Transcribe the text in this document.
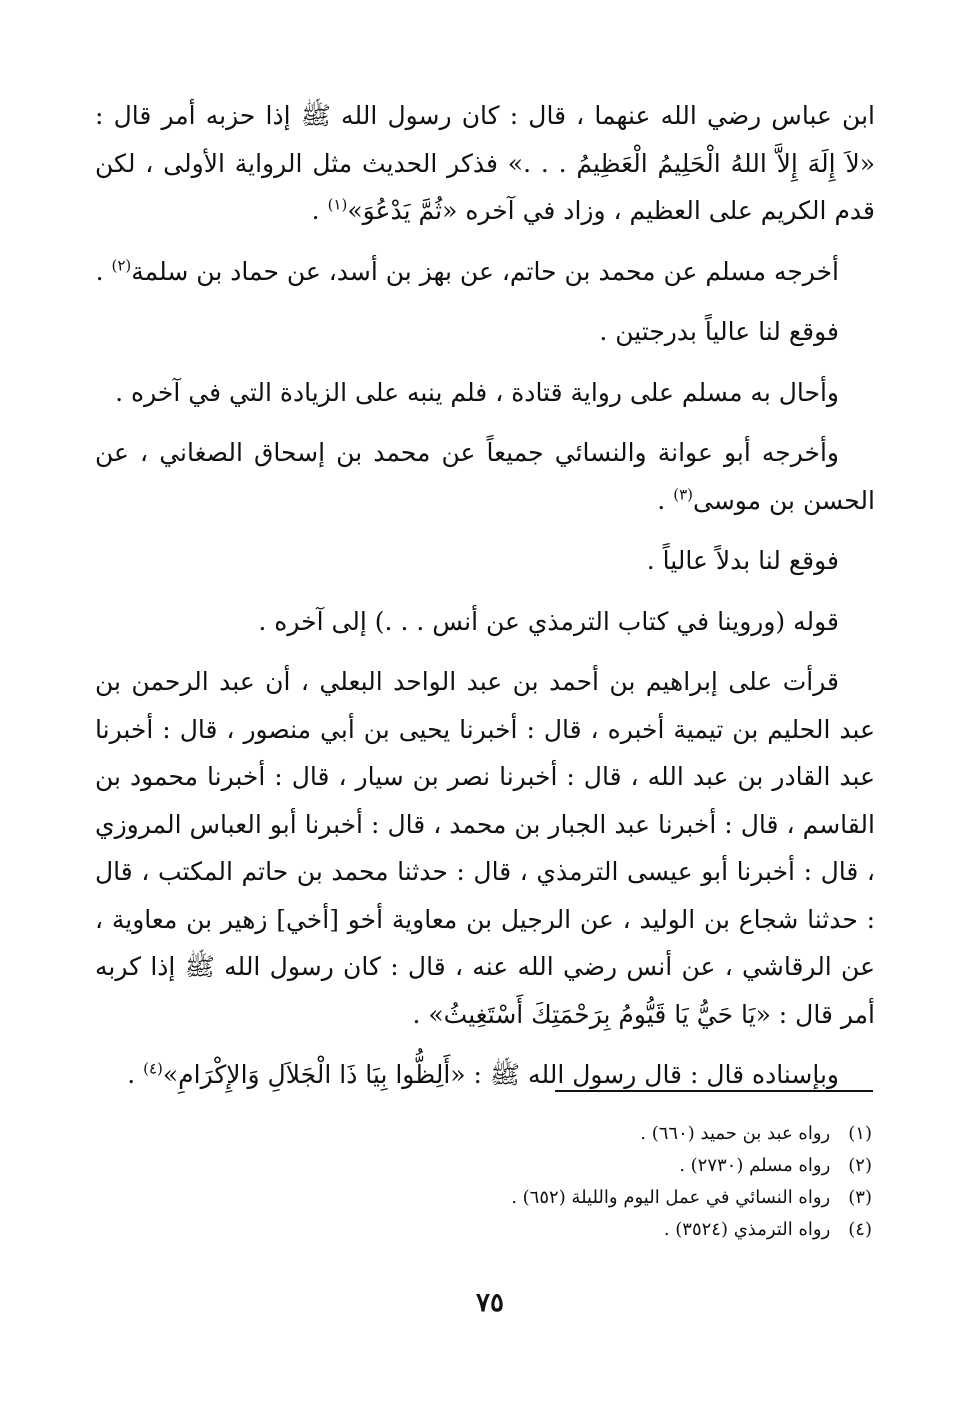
ابن عباس رضي الله عنهما ، قال : كان رسول الله ﷺ إذا حزبه أمر قال : «لاَ إِلَهَ إِلاَّ اللهُ الْحَلِيمُ الْعَظِيمُ . . .» فذكر الحديث مثل الرواية الأولى ، لكن قدم الكريم على العظيم ، وزاد في آخره «ثُمَّ يَدْعُوَ»$^{(١)}$ .

أخرجه مسلم عن محمد بن حاتم، عن بهز بن أسد، عن حماد بن سلمة$^{(٢)}$ .

فوقع لنا عالياً بدرجتين .

وأحال به مسلم على رواية قتادة ، فلم ينبه على الزيادة التي في آخره .

وأخرجه أبو عوانة والنسائي جميعاً عن محمد بن إسحاق الصغاني ، عن الحسن بن موسى$^{(٣)}$ .

فوقع لنا بدلاً عالياً .

قوله (وروينا في كتاب الترمذي عن أنس . . .) إلى آخره .

قرأت على إبراهيم بن أحمد بن عبد الواحد البعلي ، أن عبد الرحمن بن عبد الحليم بن تيمية أخبره ، قال : أخبرنا يحيى بن أبي منصور ، قال : أخبرنا عبد القادر بن عبد الله ، قال : أخبرنا نصر بن سيار ، قال : أخبرنا محمود بن القاسم ، قال : أخبرنا عبد الجبار بن محمد ، قال : أخبرنا أبو العباس المروزي ، قال : أخبرنا أبو عيسى الترمذي ، قال : حدثنا محمد بن حاتم المكتب ، قال : حدثنا شجاع بن الوليد ، عن الرجيل بن معاوية أخو [أخي] زهير بن معاوية ، عن الرقاشي ، عن أنس رضي الله عنه ، قال : كان رسول الله ﷺ إذا كربه أمر قال : «يَا حَيُّ يَا قَيُّومُ بِرَحْمَتِكَ أَسْتَغِيثُ» .

وبإسناده قال : قال رسول الله ﷺ : «أَلِظُّوا بِيَا ذَا الْجَلاَلِ وَالإِكْرَامِ»$^{(٤)}$ .

(١) رواه عبد بن حميد (٦٦٠) .
(٢) رواه مسلم (٢٧٣٠) .
(٣) رواه النسائي في عمل اليوم والليلة (٦٥٢) .
(٤) رواه الترمذي (٣٥٢٤) .
٧٥
